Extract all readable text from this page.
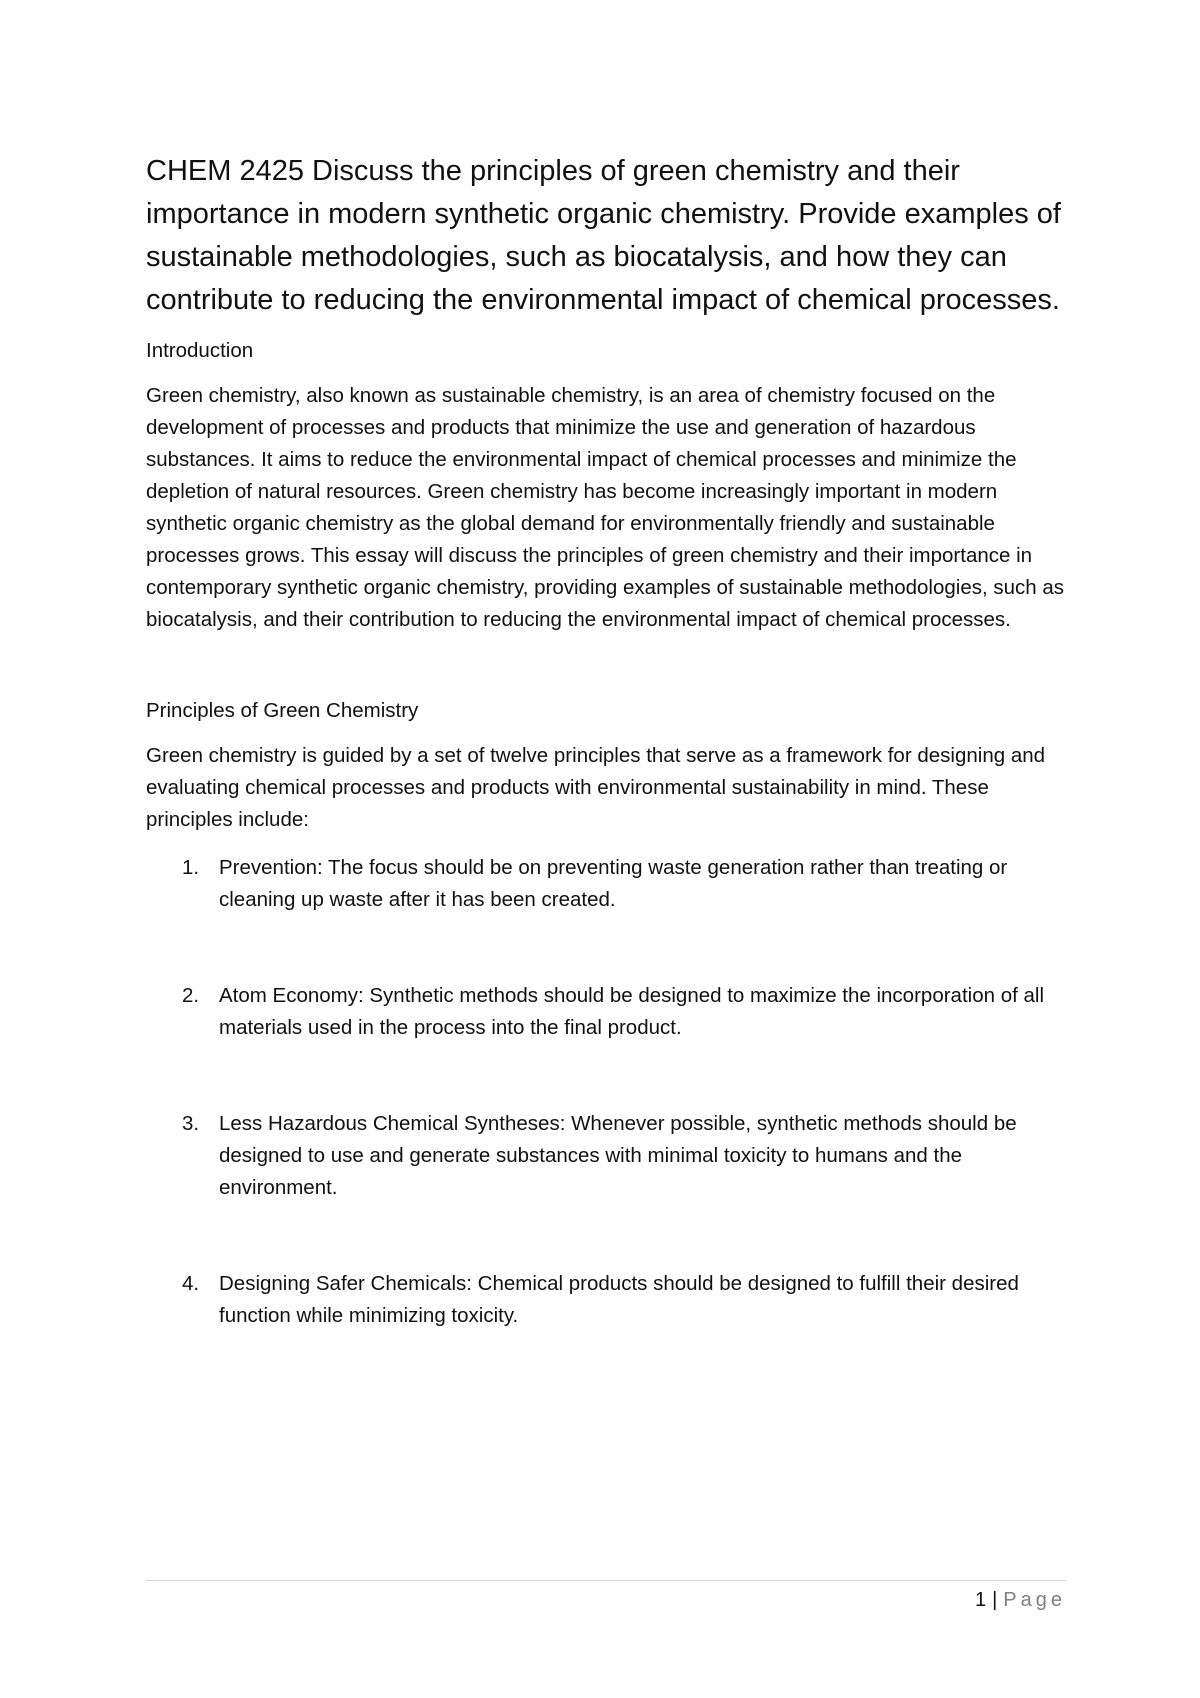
CHEM 2425 Discuss the principles of green chemistry and their importance in modern synthetic organic chemistry. Provide examples of sustainable methodologies, such as biocatalysis, and how they can contribute to reducing the environmental impact of chemical processes.
Introduction

Green chemistry, also known as sustainable chemistry, is an area of chemistry focused on the development of processes and products that minimize the use and generation of hazardous substances. It aims to reduce the environmental impact of chemical processes and minimize the depletion of natural resources. Green chemistry has become increasingly important in modern synthetic organic chemistry as the global demand for environmentally friendly and sustainable processes grows. This essay will discuss the principles of green chemistry and their importance in contemporary synthetic organic chemistry, providing examples of sustainable methodologies, such as biocatalysis, and their contribution to reducing the environmental impact of chemical processes.

Principles of Green Chemistry

Green chemistry is guided by a set of twelve principles that serve as a framework for designing and evaluating chemical processes and products with environmental sustainability in mind. These principles include:

1. Prevention: The focus should be on preventing waste generation rather than treating or cleaning up waste after it has been created.
2. Atom Economy: Synthetic methods should be designed to maximize the incorporation of all materials used in the process into the final product.
3. Less Hazardous Chemical Syntheses: Whenever possible, synthetic methods should be designed to use and generate substances with minimal toxicity to humans and the environment.
4. Designing Safer Chemicals: Chemical products should be designed to fulfill their desired function while minimizing toxicity.
1 | Page
